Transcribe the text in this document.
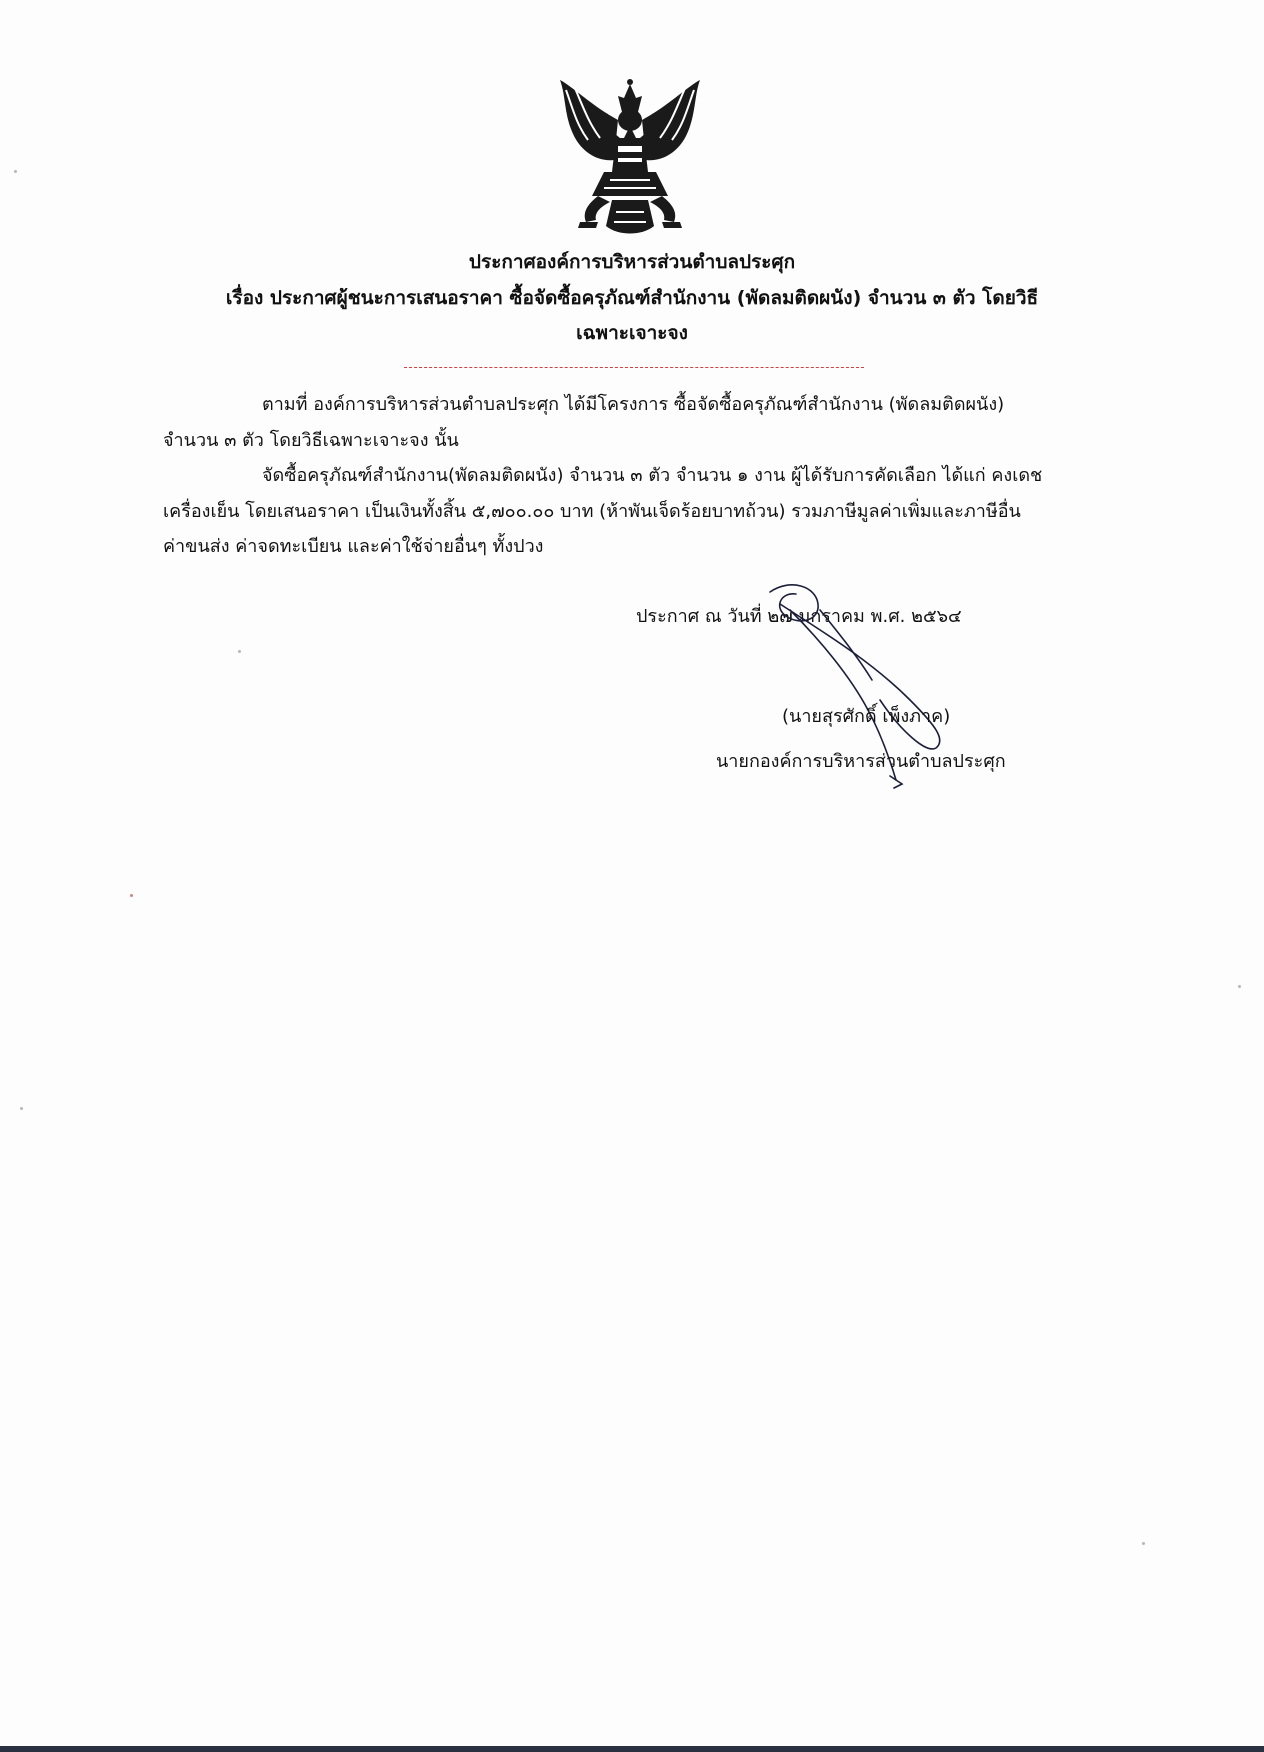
ประกาศองค์การบริหารส่วนตำบลประศุก
เรื่อง ประกาศผู้ชนะการเสนอราคา ซื้อจัดซื้อครุภัณฑ์สำนักงาน (พัดลมติดผนัง) จำนวน ๓ ตัว โดยวิธี
เฉพาะเจาะจง
ตามที่ องค์การบริหารส่วนตำบลประศุก ได้มีโครงการ ซื้อจัดซื้อครุภัณฑ์สำนักงาน (พัดลมติดผนัง)
จำนวน ๓ ตัว โดยวิธีเฉพาะเจาะจง นั้น
จัดซื้อครุภัณฑ์สำนักงาน(พัดลมติดผนัง) จำนวน ๓ ตัว จำนวน ๑ งาน ผู้ได้รับการคัดเลือก ได้แก่ คงเดช
เครื่องเย็น โดยเสนอราคา เป็นเงินทั้งสิ้น ๕,๗๐๐.๐๐ บาท (ห้าพันเจ็ดร้อยบาทถ้วน) รวมภาษีมูลค่าเพิ่มและภาษีอื่น
ค่าขนส่ง ค่าจดทะเบียน และค่าใช้จ่ายอื่นๆ ทั้งปวง
ประกาศ ณ วันที่ ๒๗ มกราคม พ.ศ. ๒๕๖๔
(นายสุรศักดิ์ เพ็งภาค)
นายกองค์การบริหารส่วนตำบลประศุก
